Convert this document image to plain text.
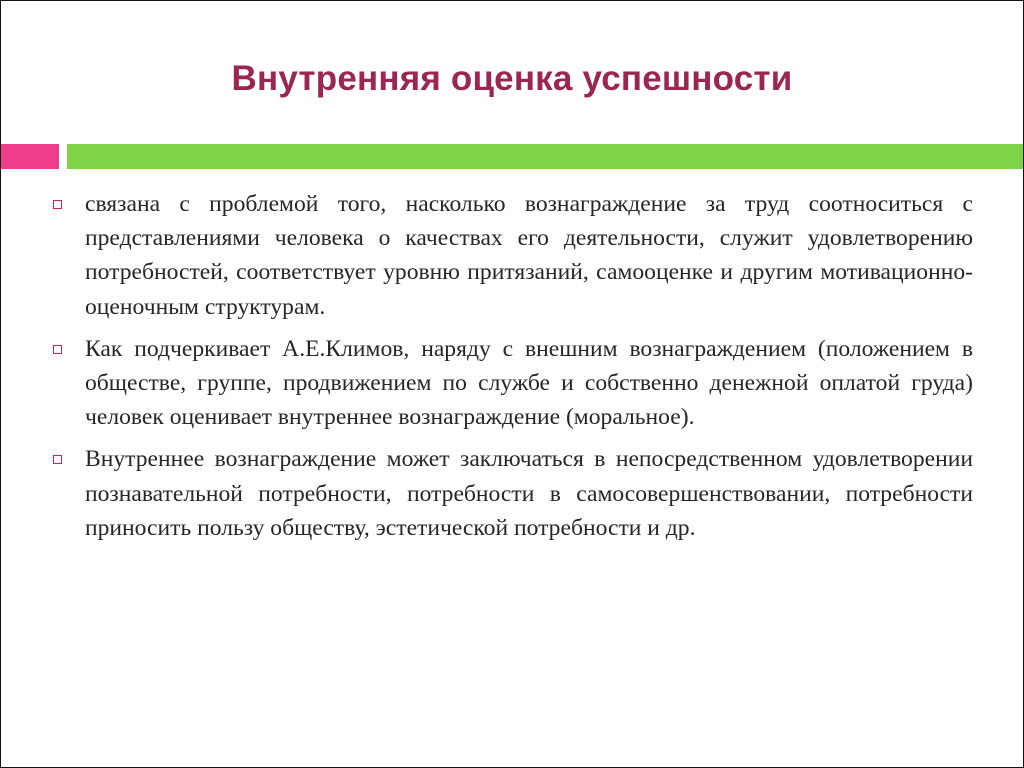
Внутренняя оценка успешности
связана с проблемой того, насколько вознаграждение за труд соотноситься с представлениями человека о качествах его деятельности, служит удовлетворению потребностей, соответствует уровню притязаний, самооценке и другим мотивационно-оценочным структурам.
Как подчеркивает А.Е.Климов, наряду с внешним вознаграждением (положением в обществе, группе, продвижением по службе и собственно денежной оплатой груда) человек оценивает внутреннее вознаграждение (моральное).
Внутреннее вознаграждение может заключаться в непосредственном удовлетворении познавательной потребности, потребности в самосовершенствовании, потребности приносить пользу обществу, эстетической потребности и др.
